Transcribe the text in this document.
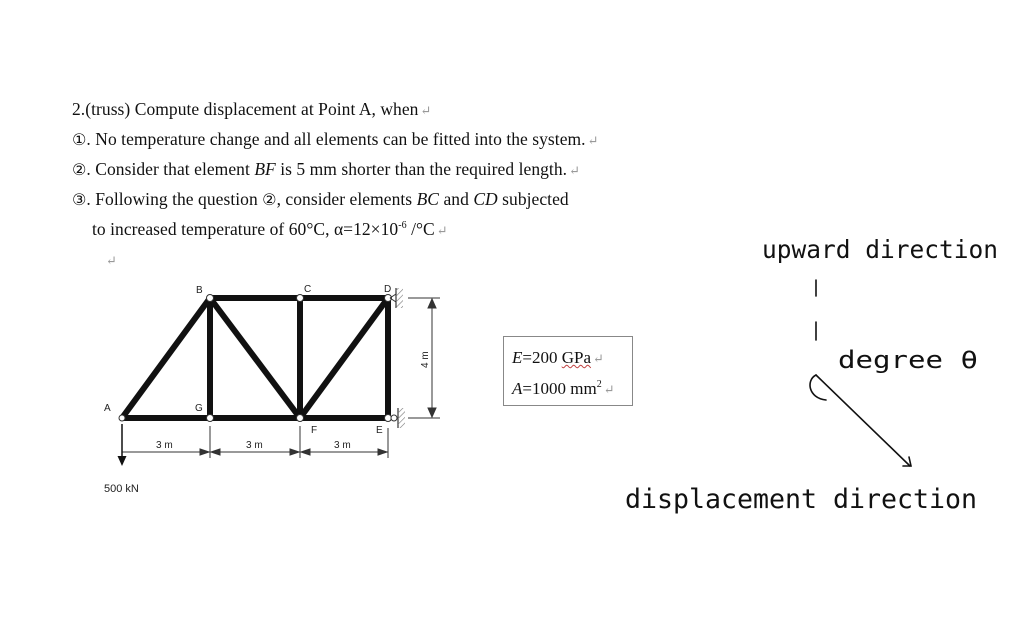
2.(truss) Compute displacement at Point A, when ↵
①. No temperature change and all elements can be fitted into the system. ↵
②. Consider that element BF is 5 mm shorter than the required length. ↵
③. Following the question ②, consider elements BC and CD subjected
to increased temperature of 60°C, $\alpha=12\times 10^{-6}$ /°C ↵
↵
A
B	C	D
G
F	E
4 m
3 m	3 m	3 m
500 kN
E=200 GPa ↵
A=1000 $mm^2$ ↵
upward direction
degree θ
displacement direction
